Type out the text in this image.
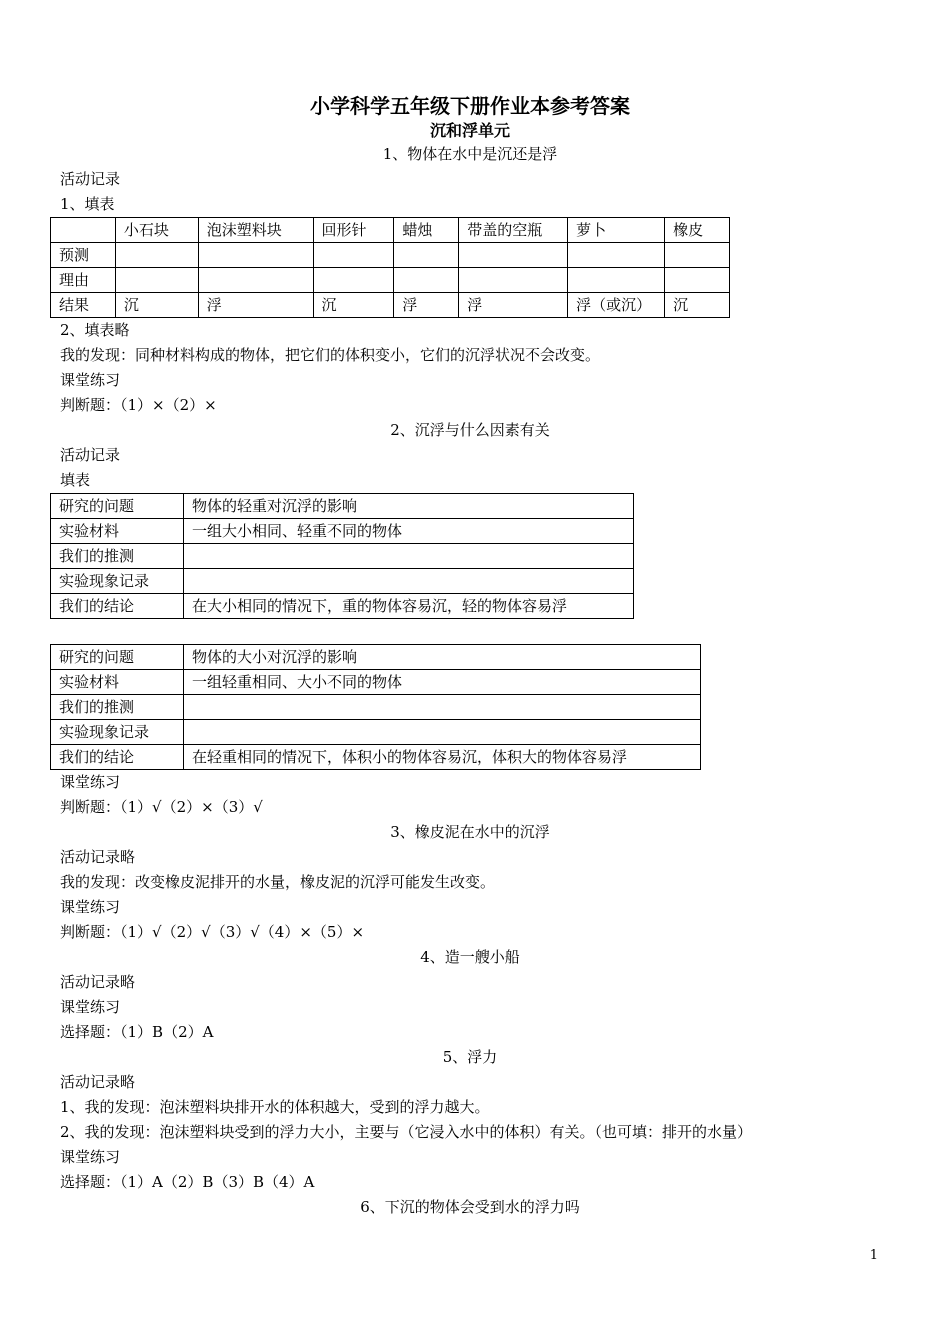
小学科学五年级下册作业本参考答案
沉和浮单元
1、物体在水中是沉还是浮
活动记录
1、填表
	小石块	泡沫塑料块	回形针	蜡烛	带盖的空瓶	萝卜	橡皮
预测							
理由							
结果	沉	浮	沉	浮	浮	浮（或沉）	沉
2、填表略
我的发现：同种材料构成的物体，把它们的体积变小，它们的沉浮状况不会改变。
课堂练习
判断题：（1）×（2）×
2、沉浮与什么因素有关
活动记录
填表
研究的问题	物体的轻重对沉浮的影响
实验材料	一组大小相同、轻重不同的物体
我们的推测	
实验现象记录	
我们的结论	在大小相同的情况下，重的物体容易沉，轻的物体容易浮
研究的问题	物体的大小对沉浮的影响
实验材料	一组轻重相同、大小不同的物体
我们的推测	
实验现象记录	
我们的结论	在轻重相同的情况下，体积小的物体容易沉，体积大的物体容易浮
课堂练习
判断题：（1）√（2）×（3）√
3、橡皮泥在水中的沉浮
活动记录略
我的发现：改变橡皮泥排开的水量，橡皮泥的沉浮可能发生改变。
课堂练习
判断题：（1）√（2）√（3）√（4）×（5）×
4、造一艘小船
活动记录略
课堂练习
选择题：（1）B（2）A
5、浮力
活动记录略
1、我的发现：泡沫塑料块排开水的体积越大，受到的浮力越大。
2、我的发现：泡沫塑料块受到的浮力大小，主要与（它浸入水中的体积）有关。（也可填：排开的水量）
课堂练习
选择题：（1）A（2）B（3）B（4）A
6、下沉的物体会受到水的浮力吗
1
